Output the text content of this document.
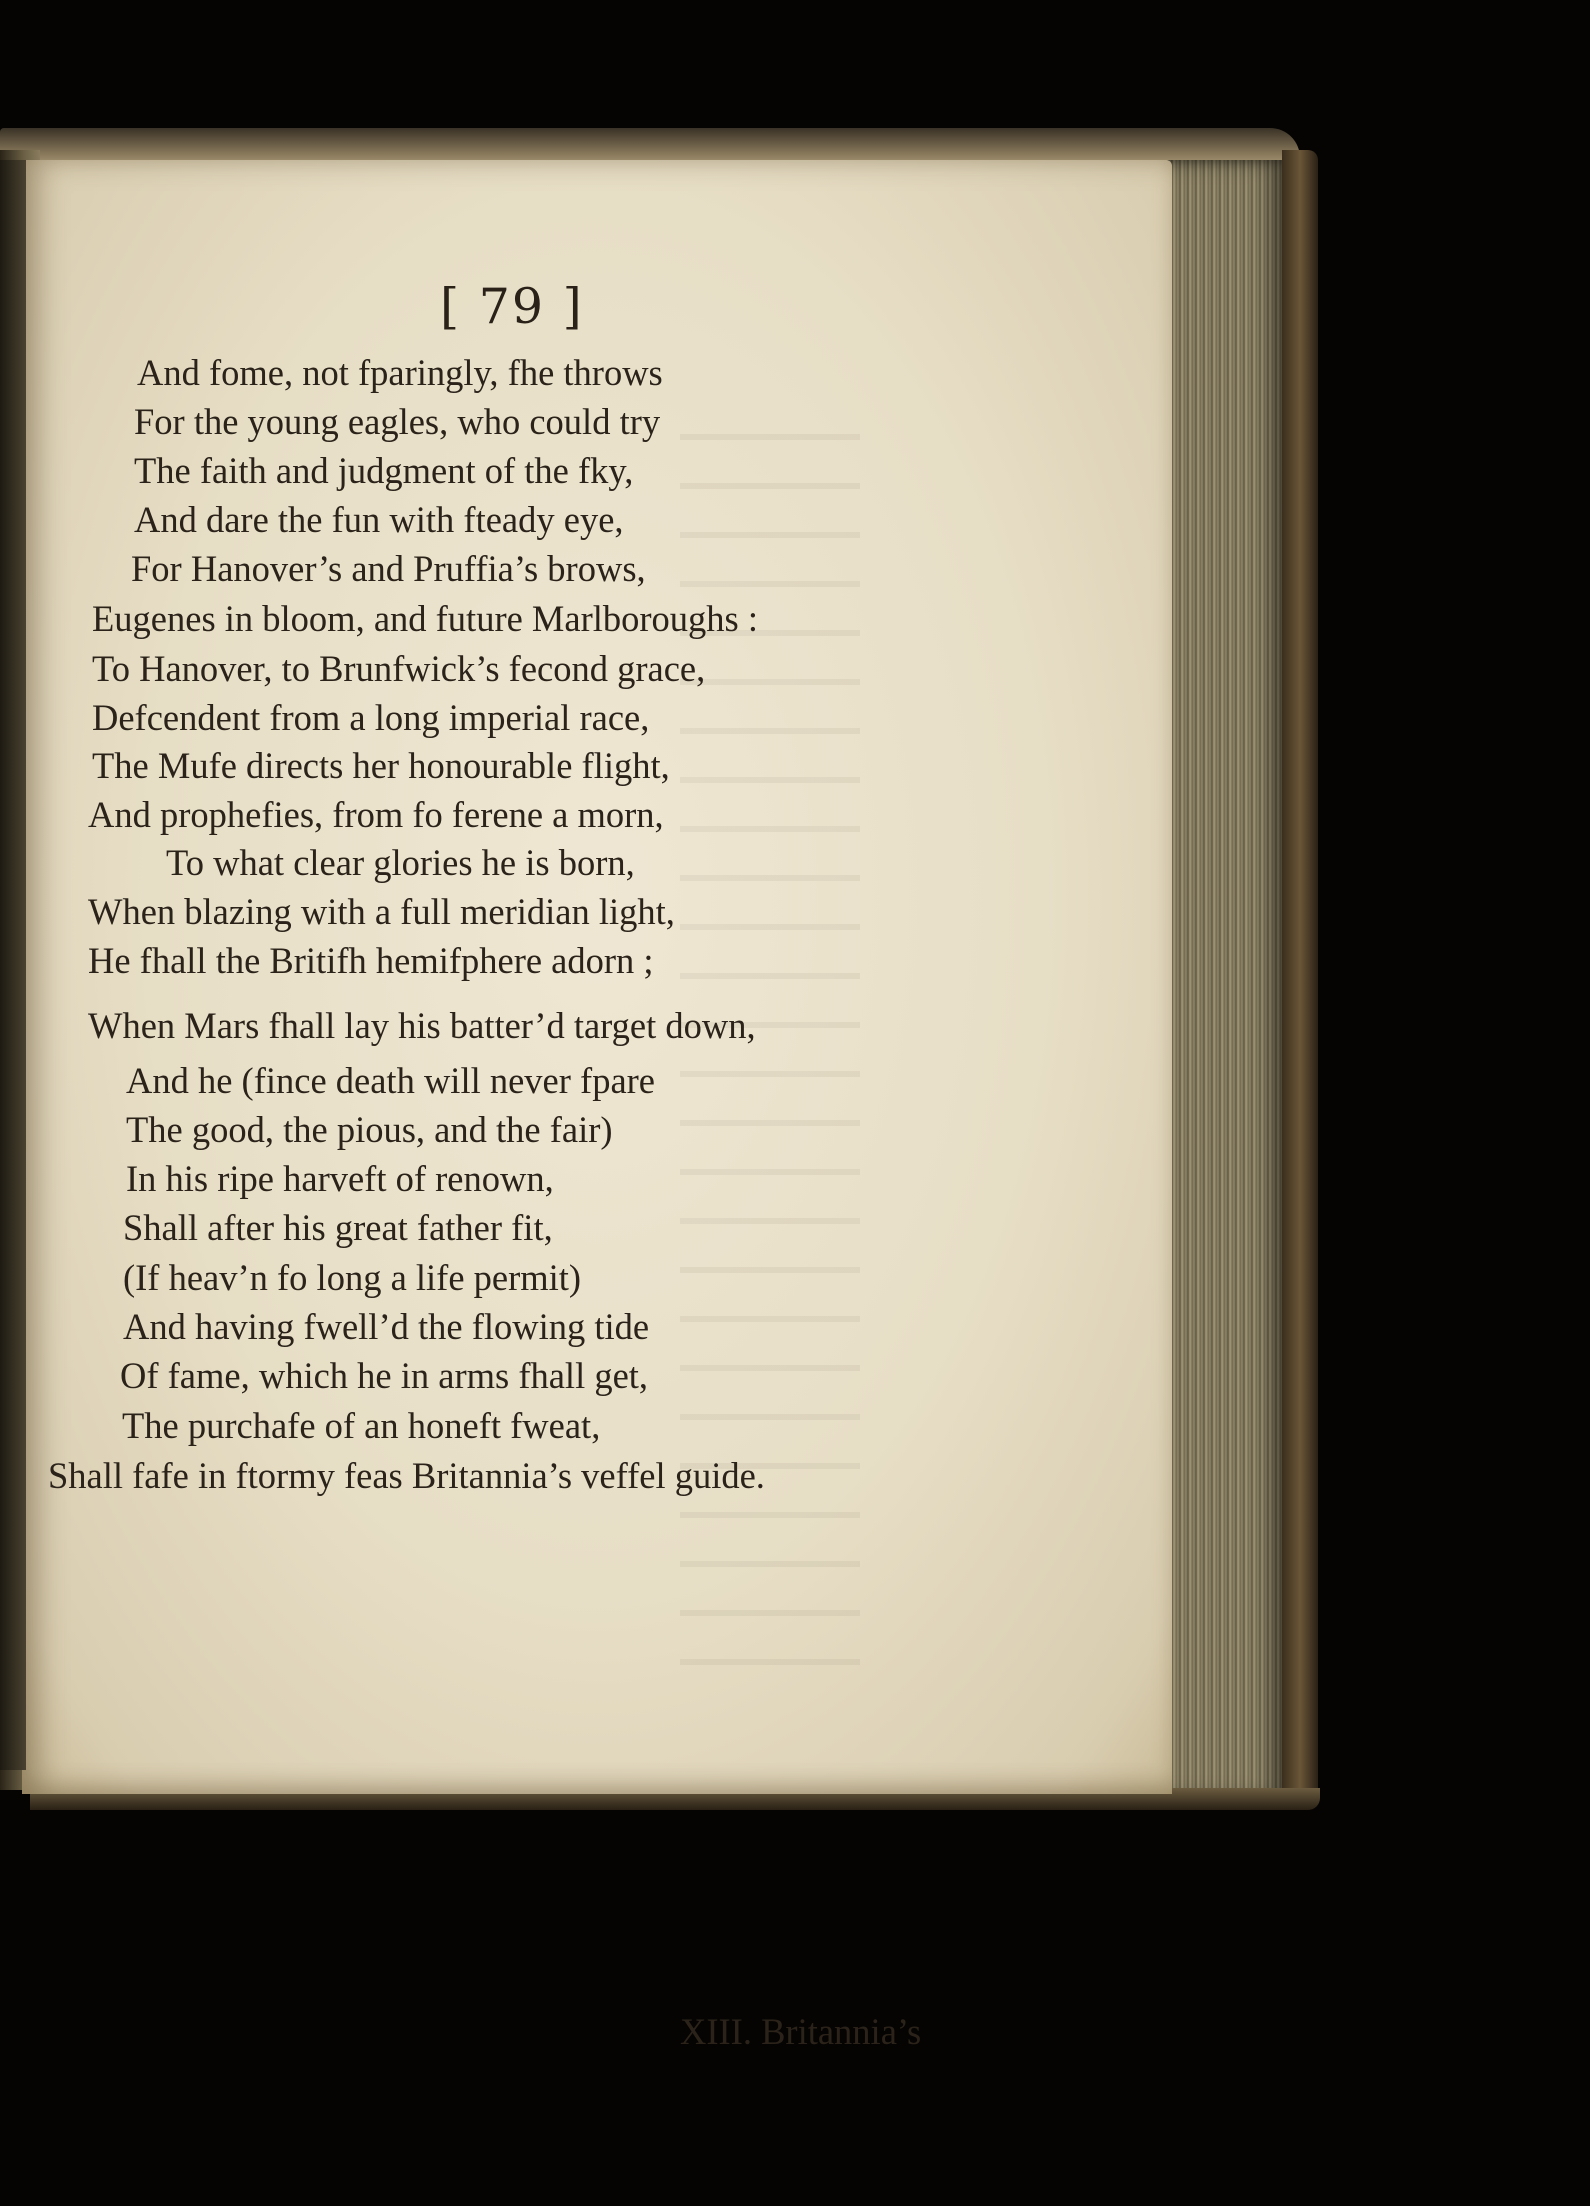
[ 79 ]
And fome, not fparingly, fhe throws
For the young eagles, who could try
The faith and judgment of the fky,
And dare the fun with fteady eye,
For Hanover’s and Pruffia’s brows,
Eugenes in bloom, and future Marlboroughs :
To Hanover, to Brunfwick’s fecond grace,
Defcendent from a long imperial race,
The Mufe directs her honourable flight,
And prophefies, from fo ferene a morn,
To what clear glories he is born,
When blazing with a full meridian light,
He fhall the Britifh hemifphere adorn ;
When Mars fhall lay his batter’d target down,
And he (fince death will never fpare
The good, the pious, and the fair)
In his ripe harveft of renown,
Shall after his great father fit,
(If heav’n fo long a life permit)
And having fwell’d the flowing tide
Of fame, which he in arms fhall get,
The purchafe of an honeft fweat,
Shall fafe in ftormy feas Britannia’s veffel guide.
XIII. Britannia’s
